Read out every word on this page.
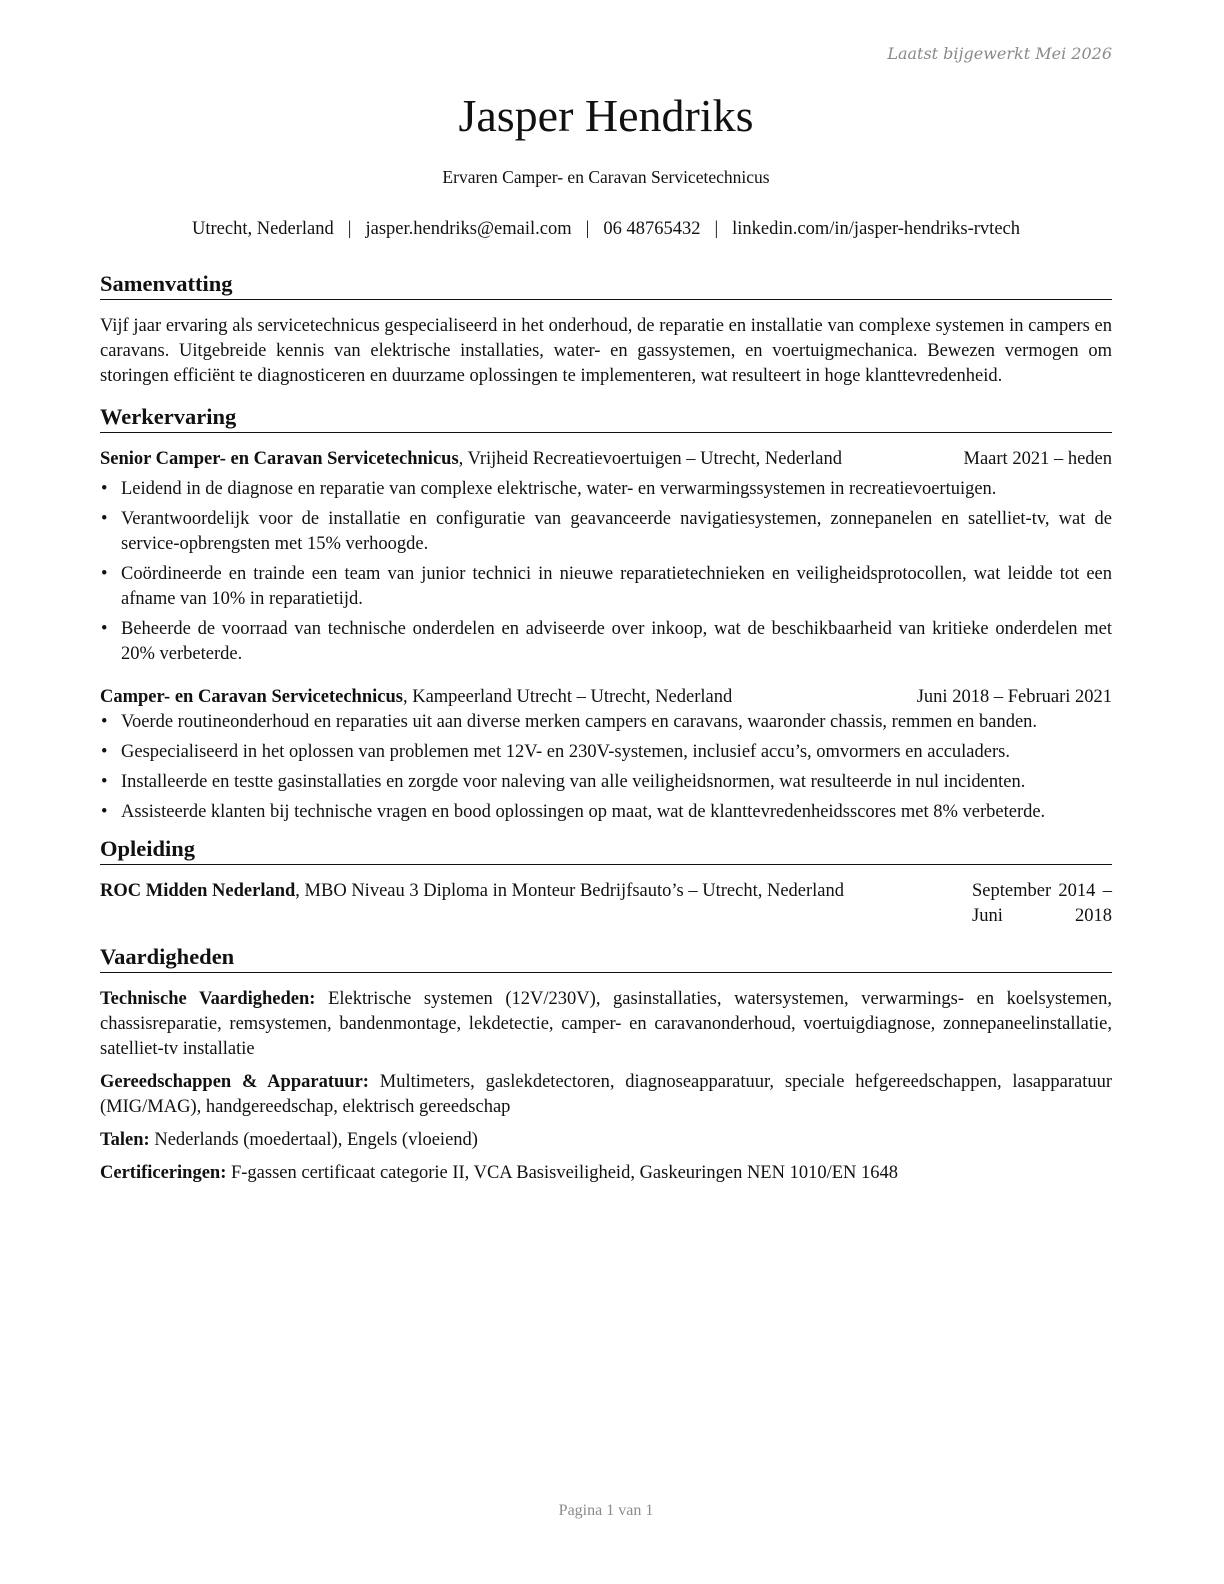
Laatst bijgewerkt Mei 2026
Jasper Hendriks
Ervaren Camper- en Caravan Servicetechnicus
Utrecht, Nederland | jasper.hendriks@email.com | 06 48765432 | linkedin.com/in/jasper-hendriks-rvtech
Samenvatting
Vijf jaar ervaring als servicetechnicus gespecialiseerd in het onderhoud, de reparatie en installatie van complexe systemen in campers en caravans. Uitgebreide kennis van elektrische installaties, water- en gassystemen, en voertuigmechanica. Bewezen vermogen om storingen efficiënt te diagnosticeren en duurzame oplossingen te implementeren, wat resulteert in hoge klanttevredenheid.
Werkervaring
Senior Camper- en Caravan Servicetechnicus, Vrijheid Recreatievoertuigen – Utrecht, Nederland	Maart 2021 – heden
• Leidend in de diagnose en reparatie van complexe elektrische, water- en verwarmingssystemen in recreatievoertuigen.
• Verantwoordelijk voor de installatie en configuratie van geavanceerde navigatiesystemen, zonnepanelen en satelliet-tv, wat de service-opbrengsten met 15% verhoogde.
• Coördineerde en trainde een team van junior technici in nieuwe reparatietechnieken en veiligheidsprotocollen, wat leidde tot een afname van 10% in reparatietijd.
• Beheerde de voorraad van technische onderdelen en adviseerde over inkoop, wat de beschikbaarheid van kritieke onderdelen met 20% verbeterde.
Camper- en Caravan Servicetechnicus, Kampeerland Utrecht – Utrecht, Nederland	Juni 2018 – Februari 2021
• Voerde routineonderhoud en reparaties uit aan diverse merken campers en caravans, waaronder chassis, remmen en banden.
• Gespecialiseerd in het oplossen van problemen met 12V- en 230V-systemen, inclusief accu’s, omvormers en acculaders.
• Installeerde en testte gasinstallaties en zorgde voor naleving van alle veiligheidsnormen, wat resulteerde in nul incidenten.
• Assisteerde klanten bij technische vragen en bood oplossingen op maat, wat de klanttevredenheidsscores met 8% verbeterde.
Opleiding
ROC Midden Nederland, MBO Niveau 3 Diploma in Monteur Bedrijfsauto’s – Utrecht, Nederland	September 2014 – Juni 2018
Vaardigheden
Technische Vaardigheden: Elektrische systemen (12V/230V), gasinstallaties, watersystemen, verwarmings- en koelsystemen, chassisreparatie, remsystemen, bandenmontage, lekdetectie, camper- en caravanonderhoud, voertuigdiagnose, zonnepaneelinstallatie, satelliet-tv installatie
Gereedschappen & Apparatuur: Multimeters, gaslekdetectoren, diagnoseapparatuur, speciale hefgereedschappen, lasapparatuur (MIG/MAG), handgereedschap, elektrisch gereedschap
Talen: Nederlands (moedertaal), Engels (vloeiend)
Certificeringen: F-gassen certificaat categorie II, VCA Basisveiligheid, Gaskeuringen NEN 1010/EN 1648
Pagina 1 van 1
